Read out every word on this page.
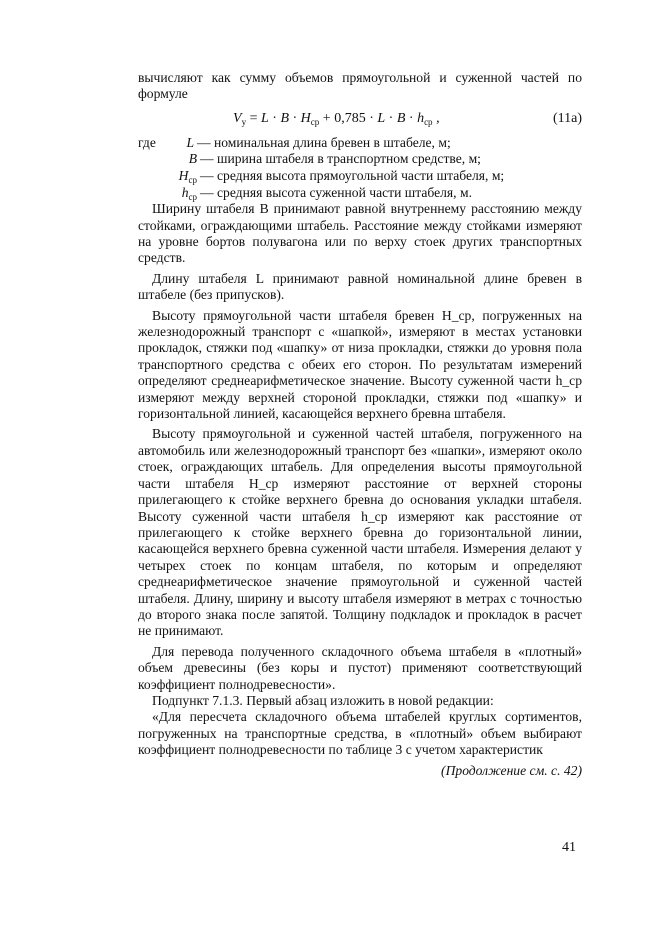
вычисляют как сумму объемов прямоугольной и суженной частей по формуле

$V_у = L \cdot B \cdot H_{ср} + 0,785 \cdot L \cdot B \cdot h_{ср}$ ,	(11а)
где	L — номинальная длина бревен в штабеле, м;
B — ширина штабеля в транспортном средстве, м;
$H_{ср}$ — средняя высота прямоугольной части штабеля, м;
$h_{ср}$ — средняя высота суженной части штабеля, м.

Ширину штабеля B принимают равной внутреннему расстоянию между стойками, ограждающими штабель. Расстояние между стойками измеряют на уровне бортов полувагона или по верху стоек других транспортных средств.

Длину штабеля L принимают равной номинальной длине бревен в штабеле (без припусков).

Высоту прямоугольной части штабеля бревен H_ср, погруженных на железнодорожный транспорт с «шапкой», измеряют в местах установки прокладок, стяжки под «шапку» от низа прокладки, стяжки до уровня пола транспортного средства с обеих его сторон. По результатам измерений определяют среднеарифметическое значение. Высоту суженной части h_ср измеряют между верхней стороной прокладки, стяжки под «шапку» и горизонтальной линией, касающейся верхнего бревна штабеля.

Высоту прямоугольной и суженной частей штабеля, погруженного на автомобиль или железнодорожный транспорт без «шапки», измеряют около стоек, ограждающих штабель. Для определения высоты прямоугольной части штабеля H_ср измеряют расстояние от верхней стороны прилегающего к стойке верхнего бревна до основания укладки штабеля. Высоту суженной части штабеля h_ср измеряют как расстояние от прилегающего к стойке верхнего бревна до горизонтальной линии, касающейся верхнего бревна суженной части штабеля. Измерения делают у четырех стоек по концам штабеля, по которым и определяют среднеарифметическое значение прямоугольной и суженной частей штабеля. Длину, ширину и высоту штабеля измеряют в метрах с точностью до второго знака после запятой. Толщину подкладок и прокладок в расчет не принимают.

Для перевода полученного складочного объема штабеля в «плотный» объем древесины (без коры и пустот) применяют соответствующий коэффициент полнодревесности».

Подпункт 7.1.3. Первый абзац изложить в новой редакции:

«Для пересчета складочного объема штабелей круглых сортиментов, погруженных на транспортные средства, в «плотный» объем выбирают коэффициент полнодревесности по таблице 3 с учетом характеристик

(Продолжение см. с. 42)

41
